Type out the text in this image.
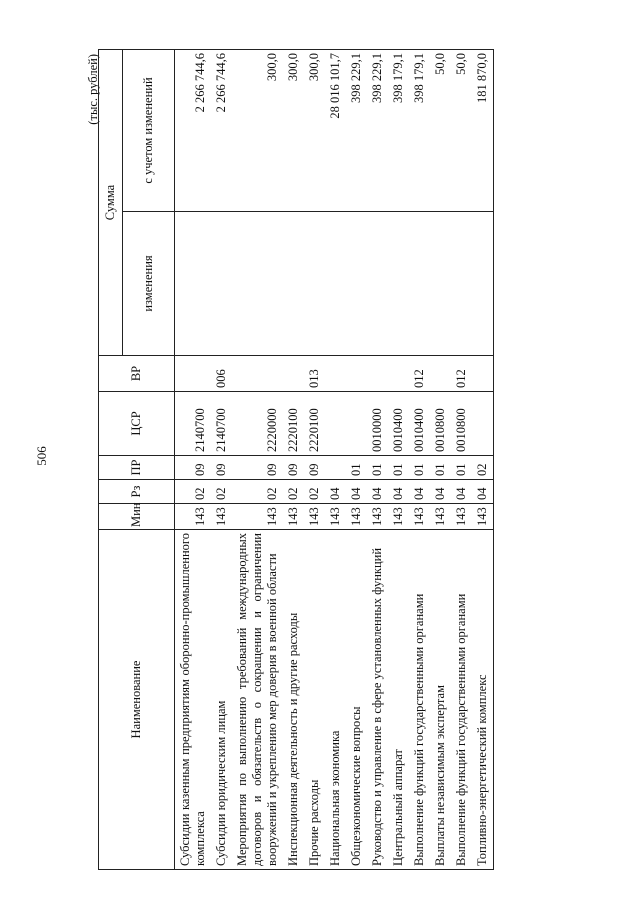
506
(тыс. рублей)
Наименование	Мин	Рз	ПР	ЦСР	ВР	Сумма	
						изменения	с учетом изменений
Субсидии казенным предприятиям оборонно-промышленного комплекса	143	02	09	2140700			2 266 744,6
Субсидии юридическим лицам	143	02	09	2140700	006		2 266 744,6
Мероприятия по выполнению требований международных договоров и обязательств о сокращении и ограничении вооружений и укреплению мер доверия в военной области	143	02	09	2220000			300,0
Инспекционная деятельность и другие расходы	143	02	09	2220100			300,0
Прочие расходы	143	02	09	2220100	013		300,0
Национальная экономика	143	04					28 016 101,7
Общеэкономические вопросы	143	04	01				398 229,1
Руководство и управление в сфере установленных функций	143	04	01	0010000			398 229,1
Центральный аппарат	143	04	01	0010400			398 179,1
Выполнение функций государственными органами	143	04	01	0010400	012		398 179,1
Выплаты независимым экспертам	143	04	01	0010800			50,0
Выполнение функций государственными органами	143	04	01	0010800	012		50,0
Топливно-энергетический комплекс	143	04	02				181 870,0
